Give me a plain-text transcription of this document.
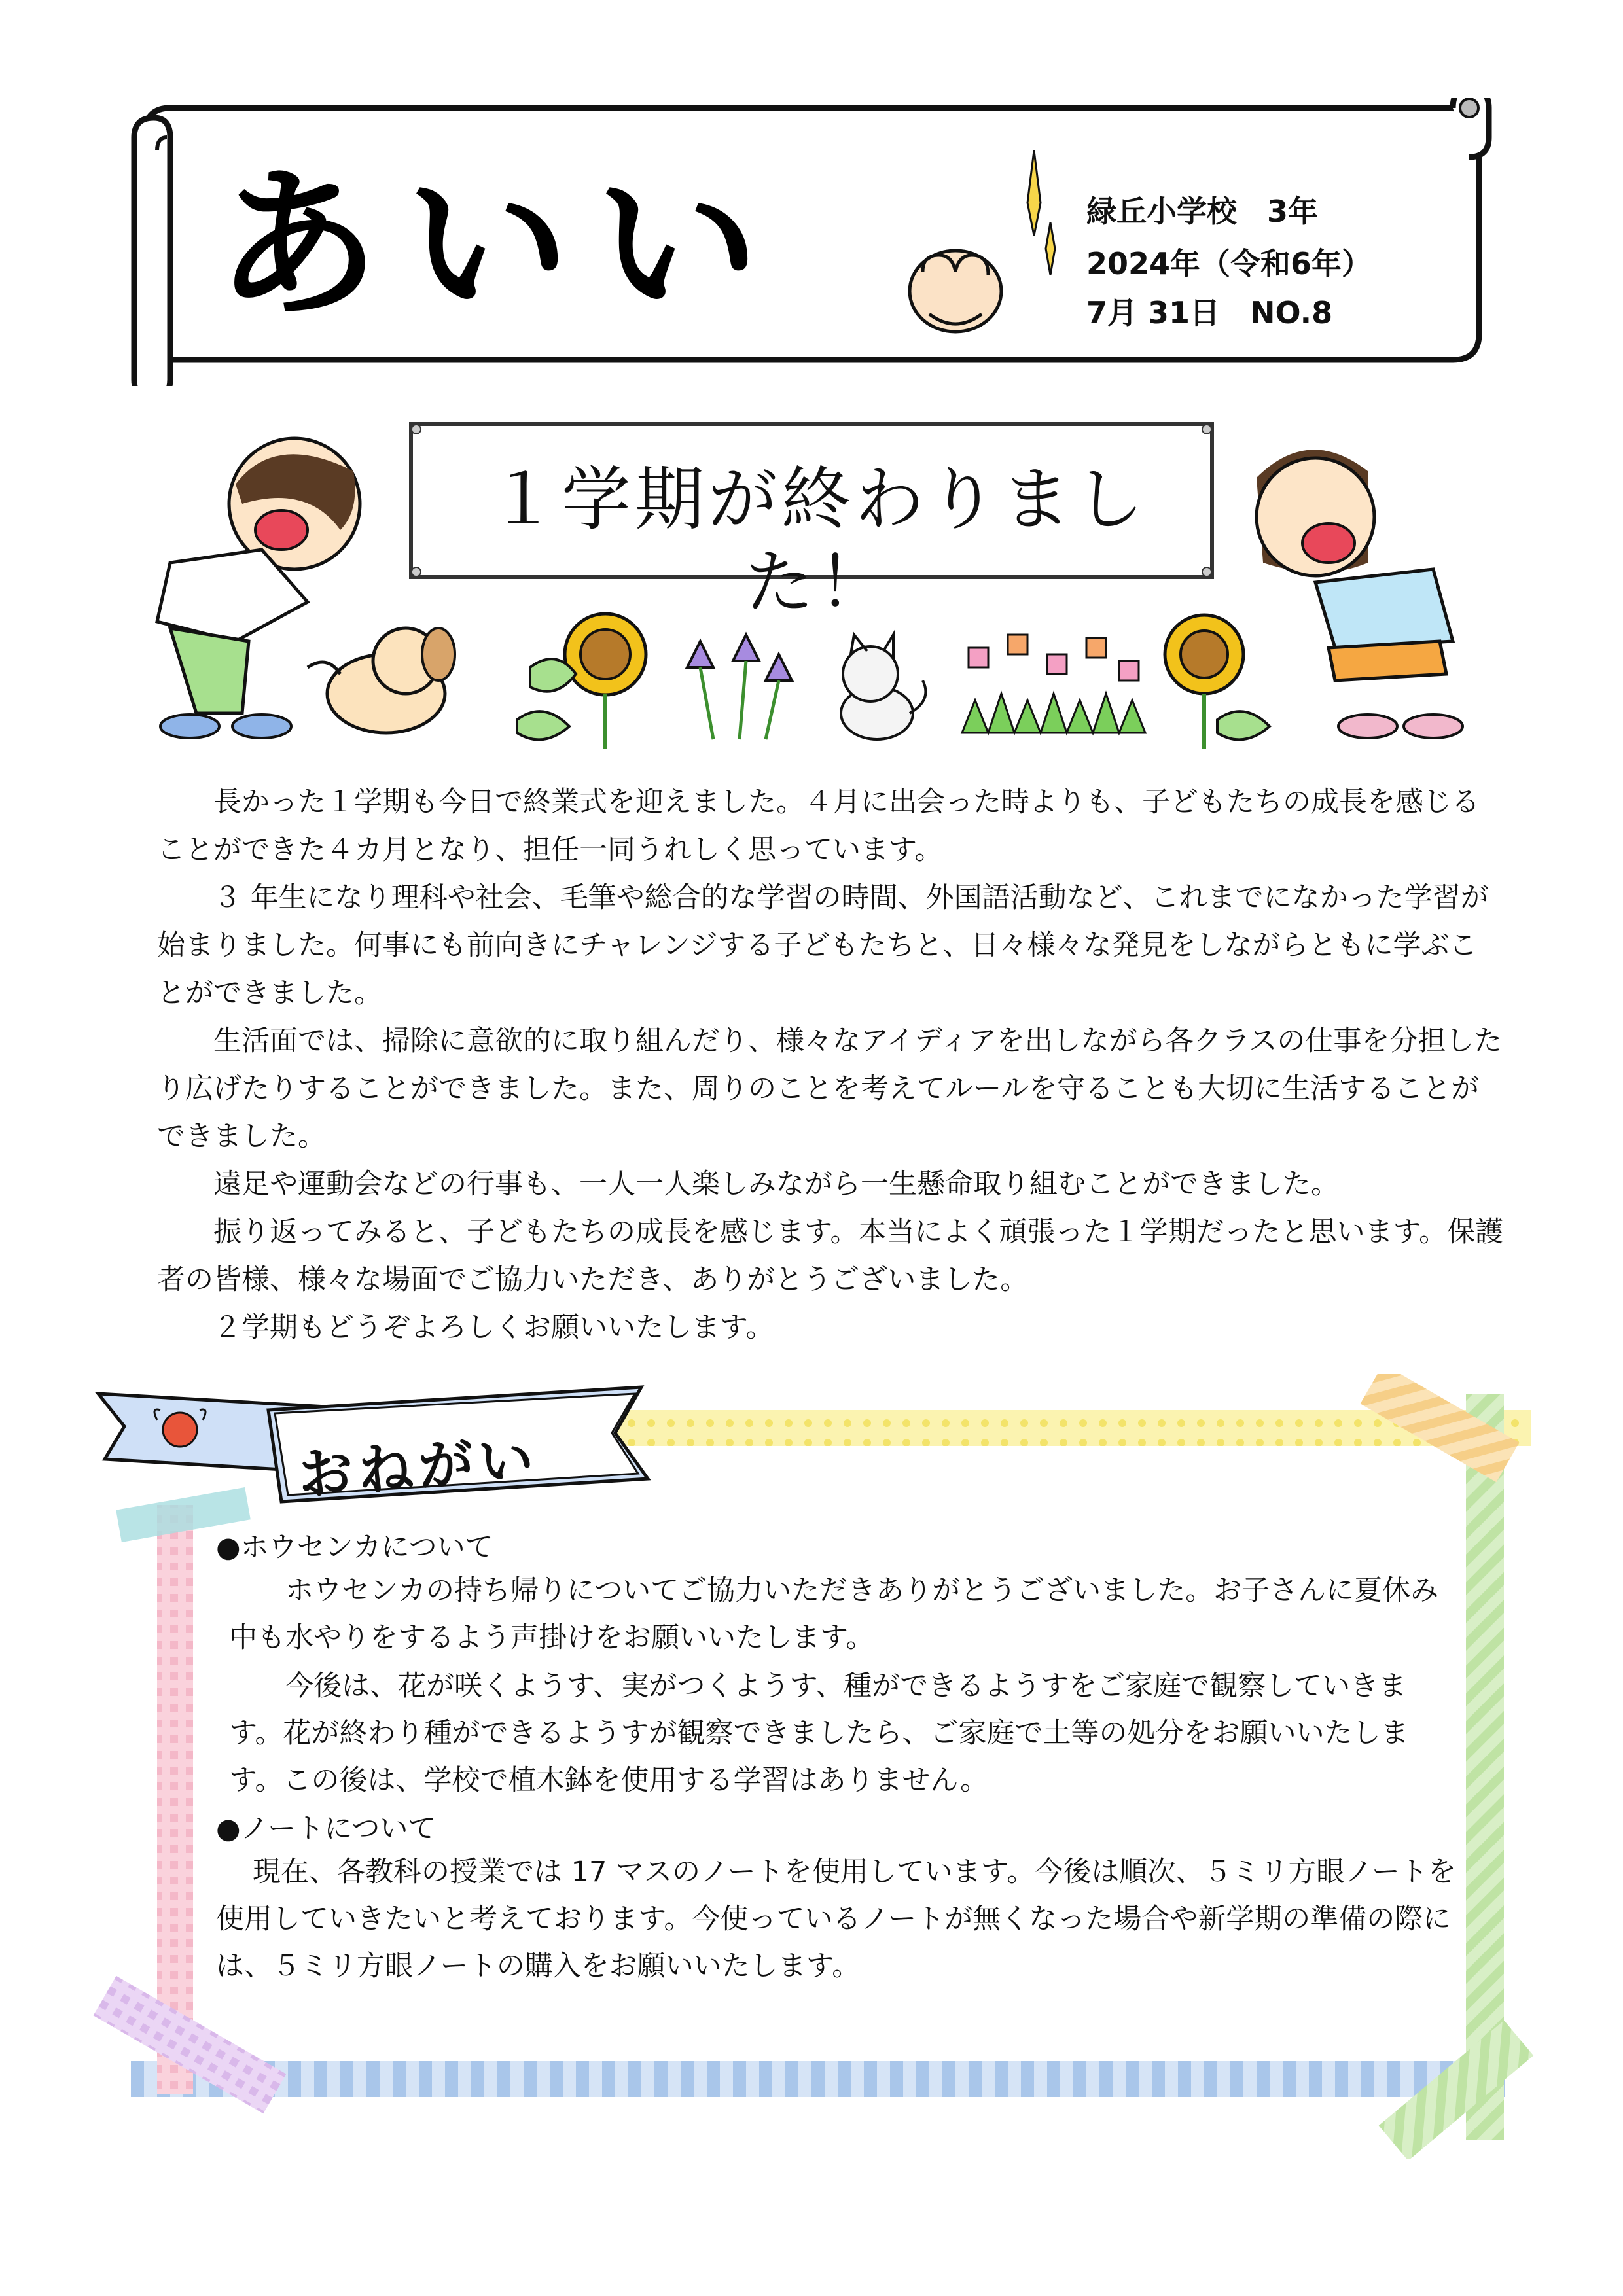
あいい	緑丘小学校　3年
2024年（令和6年）
7月 31日　NO.8
１学期が終わりました！

長かった１学期も今日で終業式を迎えました。４月に出会った時よりも、子どもたちの成長を感じることができた４カ月となり、担任一同うれしく思っています。

３ 年生になり理科や社会、毛筆や総合的な学習の時間、外国語活動など、これまでになかった学習が始まりました。何事にも前向きにチャレンジする子どもたちと、日々様々な発見をしながらともに学ぶことができました。

生活面では、掃除に意欲的に取り組んだり、様々なアイディアを出しながら各クラスの仕事を分担したり広げたりすることができました。また、周りのことを考えてルールを守ることも大切に生活することができました。

遠足や運動会などの行事も、一人一人楽しみながら一生懸命取り組むことができました。

振り返ってみると、子どもたちの成長を感じます。本当によく頑張った１学期だったと思います。保護者の皆様、様々な場面でご協力いただき、ありがとうございました。

２学期もどうぞよろしくお願いいたします。

おねがい
●ホウセンカについて

ホウセンカの持ち帰りについてご協力いただきありがとうございました。お子さんに夏休み中も水やりをするよう声掛けをお願いいたします。

今後は、花が咲くようす、実がつくようす、種ができるようすをご家庭で観察していきます。花が終わり種ができるようすが観察できましたら、ご家庭で土等の処分をお願いいたします。この後は、学校で植木鉢を使用する学習はありません。

●ノートについて

現在、各教科の授業では 17 マスのノートを使用しています。今後は順次、５ミリ方眼ノートを使用していきたいと考えております。今使っているノートが無くなった場合や新学期の準備の際には、５ミリ方眼ノートの購入をお願いいたします。
